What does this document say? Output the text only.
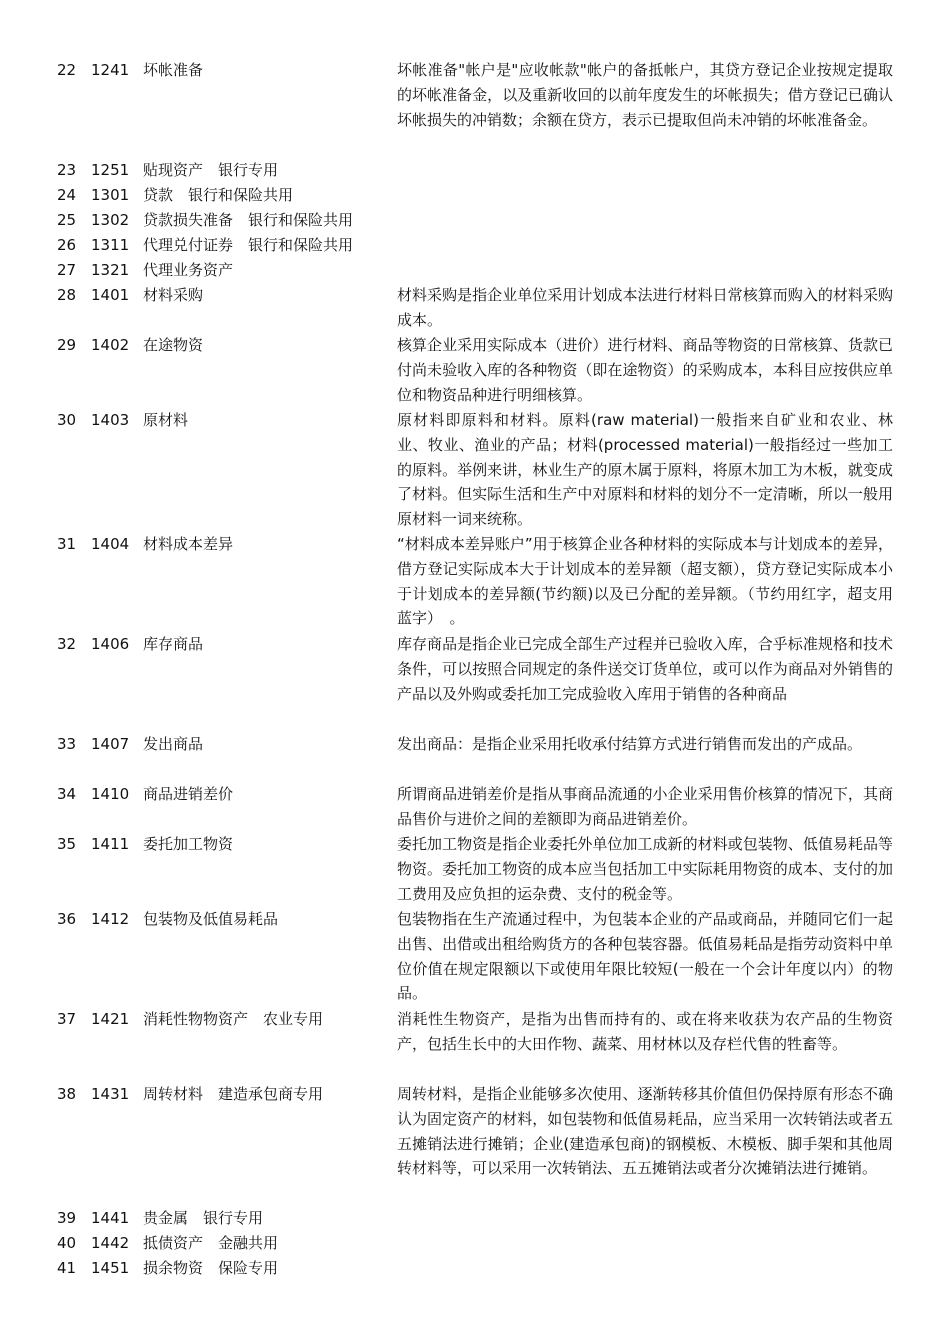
22 1241 坏帐准备	坏帐准备"帐户是"应收帐款"帐户的备抵帐户，其贷方登记企业按规定提取的坏帐准备金，以及重新收回的以前年度发生的坏帐损失；借方登记已确认坏帐损失的冲销数；余额在贷方，表示已提取但尚未冲销的坏帐准备金。
23 1251 贴现资产　银行专用
24 1301 贷款　银行和保险共用
25 1302 贷款损失准备　银行和保险共用
26 1311 代理兑付证券　银行和保险共用
27 1321 代理业务资产
28 1401 材料采购	材料采购是指企业单位采用计划成本法进行材料日常核算而购入的材料采购成本。
29 1402 在途物资	核算企业采用实际成本（进价）进行材料、商品等物资的日常核算、货款已付尚未验收入库的各种物资（即在途物资）的采购成本，本科目应按供应单位和物资品种进行明细核算。
30 1403 原材料	原材料即原料和材料。原料(raw material)一般指来自矿业和农业、林业、牧业、渔业的产品；材料(processed material)一般指经过一些加工的原料。举例来讲，林业生产的原木属于原料，将原木加工为木板，就变成了材料。但实际生活和生产中对原料和材料的划分不一定清晰，所以一般用原材料一词来统称。
31 1404 材料成本差异	“材料成本差异账户”用于核算企业各种材料的实际成本与计划成本的差异，借方登记实际成本大于计划成本的差异额（超支额），贷方登记实际成本小于计划成本的差异额(节约额)以及已分配的差异额。（节约用红字，超支用蓝字）　。
32 1406 库存商品	库存商品是指企业已完成全部生产过程并已验收入库，合乎标准规格和技术条件，可以按照合同规定的条件送交订货单位，或可以作为商品对外销售的产品以及外购或委托加工完成验收入库用于销售的各种商品
33 1407 发出商品	发出商品：是指企业采用托收承付结算方式进行销售而发出的产成品。
34 1410 商品进销差价	所谓商品进销差价是指从事商品流通的小企业采用售价核算的情况下，其商品售价与进价之间的差额即为商品进销差价。
35 1411 委托加工物资	委托加工物资是指企业委托外单位加工成新的材料或包装物、低值易耗品等 物资。委托加工物资的成本应当包括加工中实际耗用物资的成本、支付的加工费用及应负担的运杂费、支付的税金等。
36 1412 包装物及低值易耗品	包装物指在生产流通过程中，为包装本企业的产品或商品，并随同它们一起出售、出借或出租给购货方的各种包装容器。低值易耗品是指劳动资料中单位价值在规定限额以下或使用年限比较短(一般在一个会计年度以内）的物品。
37 1421 消耗性物物资产　农业专用	消耗性生物资产，是指为出售而持有的、或在将来收获为农产品的生物资产，包括生长中的大田作物、蔬菜、用材林以及存栏代售的牲畜等。
38 1431 周转材料　建造承包商专用	周转材料，是指企业能够多次使用、逐渐转移其价值但仍保持原有形态不确认为固定资产的材料，如包装物和低值易耗品，应当采用一次转销法或者五五摊销法进行摊销；企业(建造承包商)的钢模板、木模板、脚手架和其他周转材料等，可以采用一次转销法、五五摊销法或者分次摊销法进行摊销。
39 1441 贵金属　银行专用
40 1442 抵债资产　金融共用
41 1451 损余物资　保险专用
